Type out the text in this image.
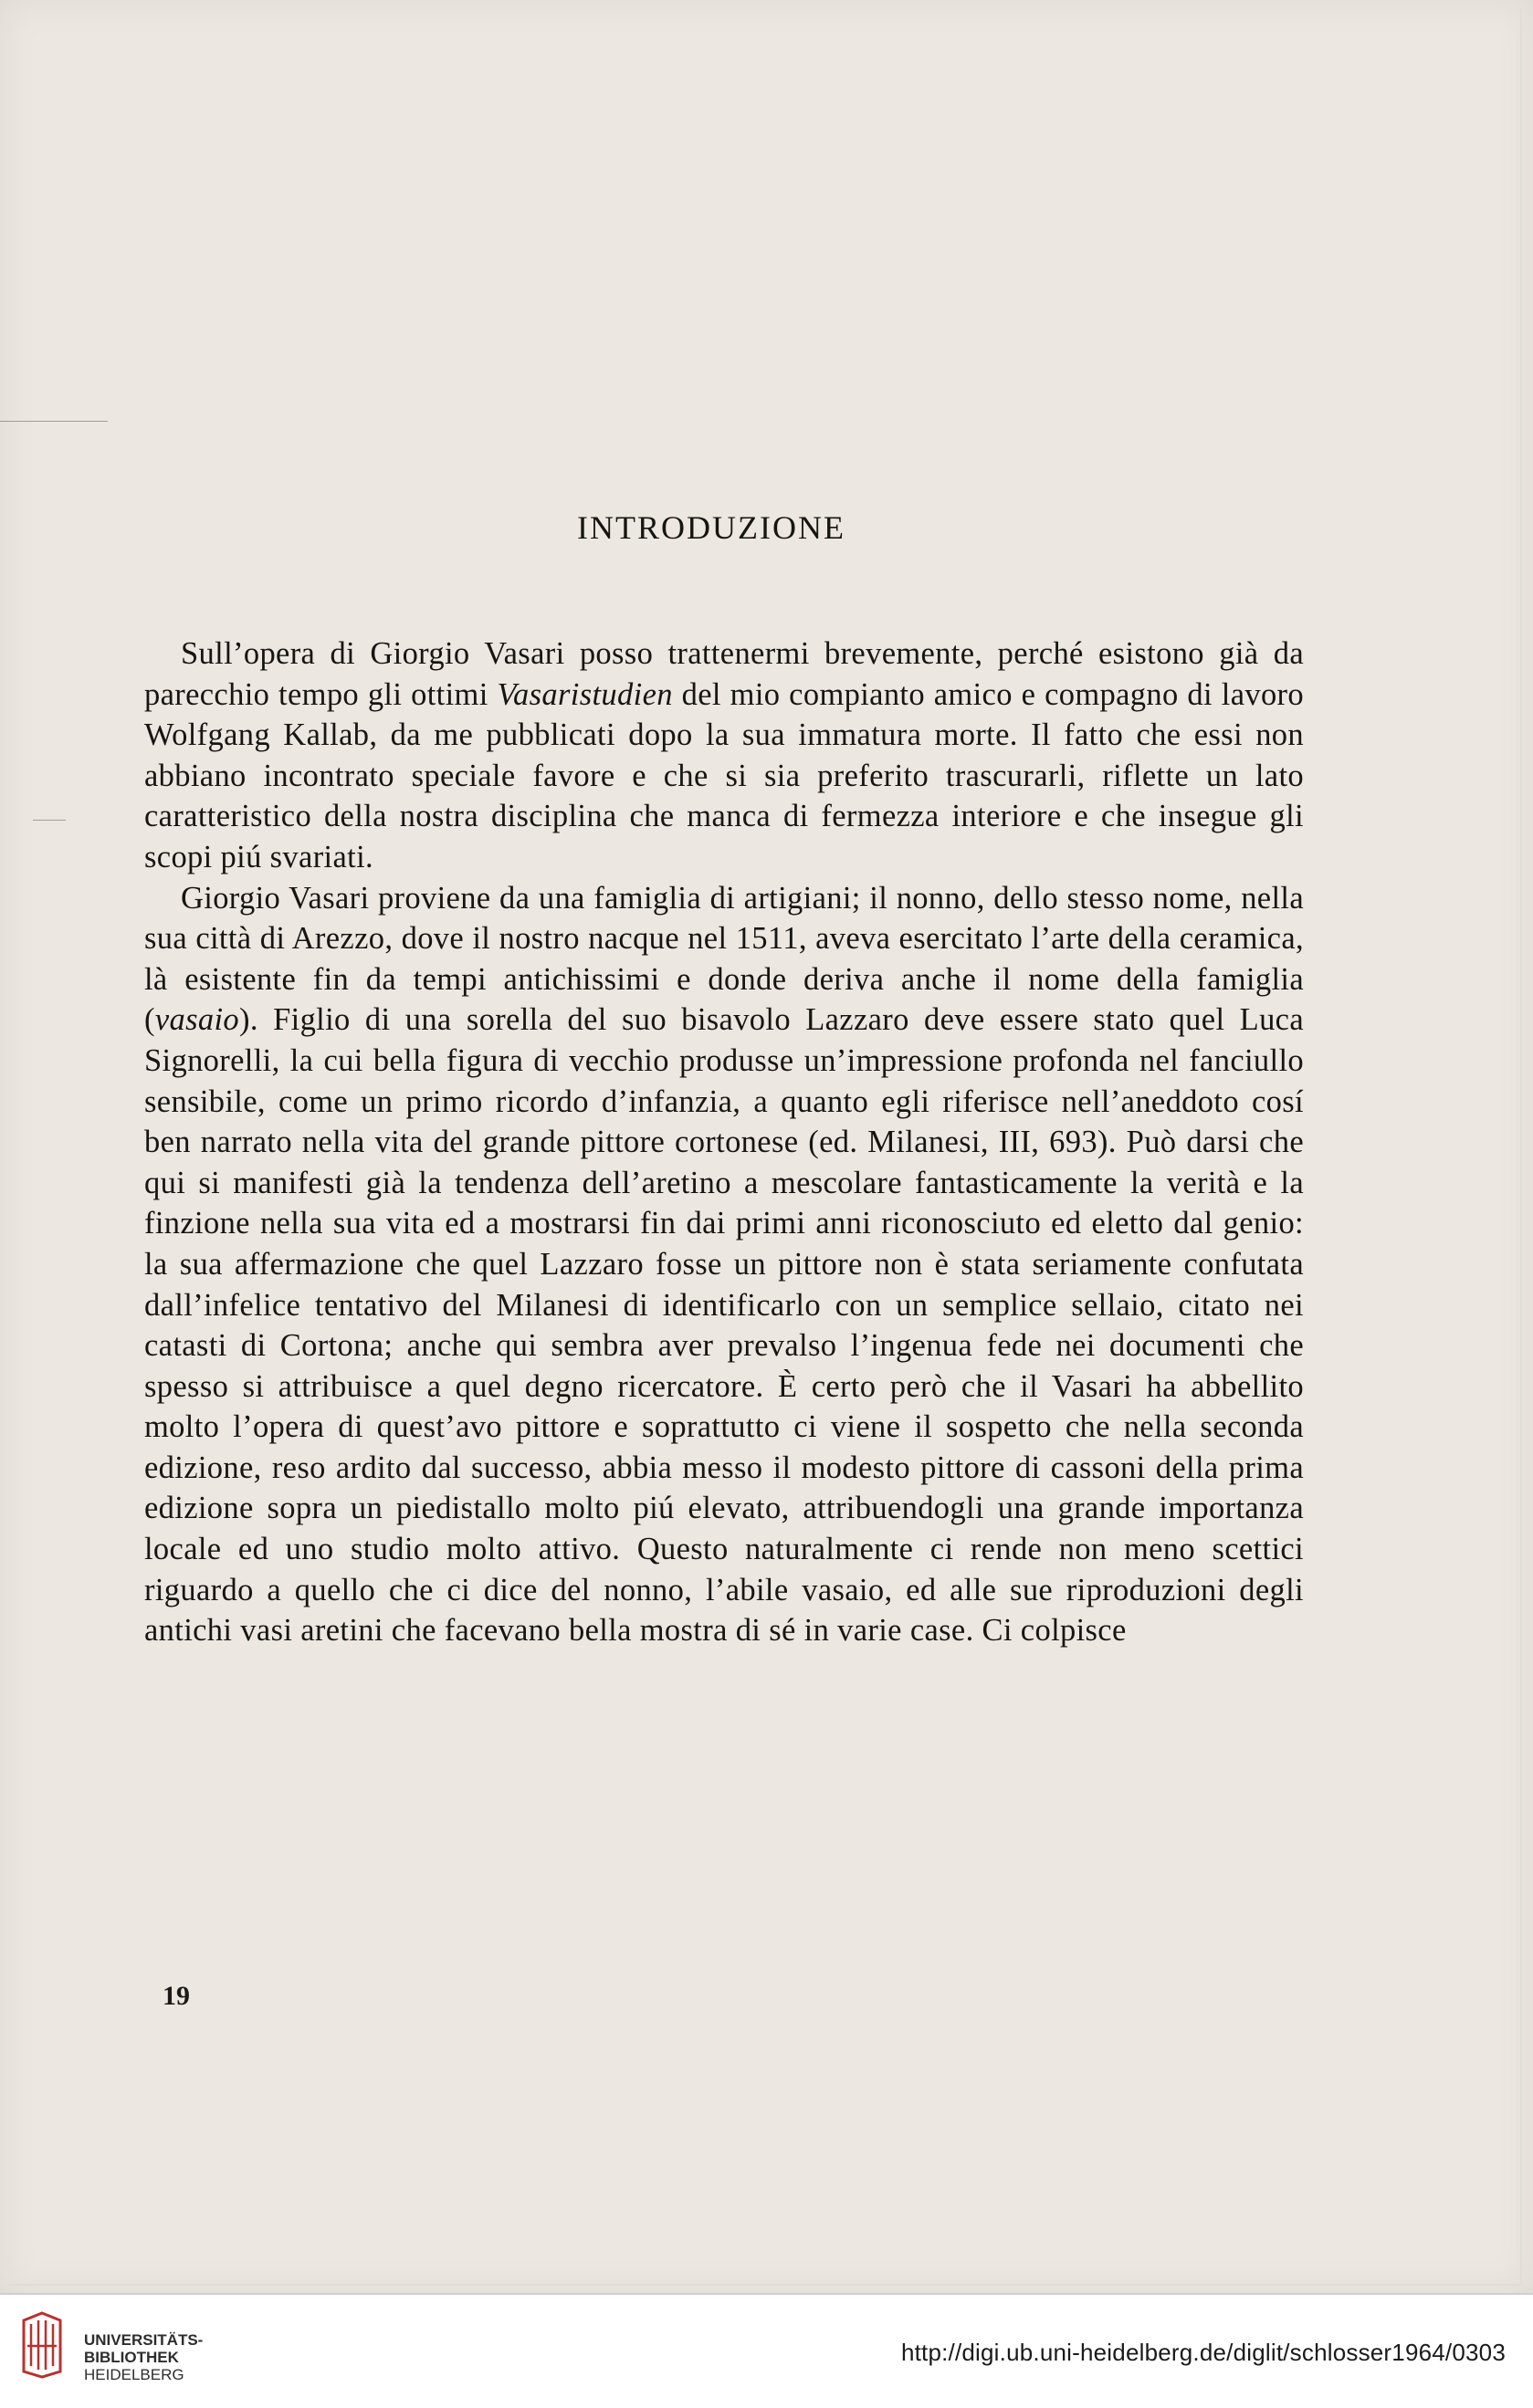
INTRODUZIONE

Sull’opera di Giorgio Vasari posso trattenermi brevemente, perché esistono già da parecchio tempo gli ottimi Vasaristudien del mio compianto amico e compagno di lavoro Wolfgang Kallab, da me pubblicati dopo la sua immatura morte. Il fatto che essi non abbiano incontrato speciale favore e che si sia preferito trascurarli, riflette un lato caratteristico della nostra disciplina che manca di fermezza interiore e che insegue gli scopi piú svariati.

Giorgio Vasari proviene da una famiglia di artigiani; il nonno, dello stesso nome, nella sua città di Arezzo, dove il nostro nacque nel 1511, aveva esercitato l’arte della ceramica, là esistente fin da tempi antichissimi e donde deriva anche il nome della famiglia (vasaio). Figlio di una sorella del suo bisavolo Lazzaro deve essere stato quel Luca Signorelli, la cui bella figura di vecchio produsse un’impressione profonda nel fanciullo sensibile, come un primo ricordo d’infanzia, a quanto egli riferisce nell’aneddoto cosí ben narrato nella vita del grande pittore cortonese (ed. Milanesi, III, 693). Può darsi che qui si manifesti già la tendenza dell’aretino a mescolare fantasticamente la verità e la finzione nella sua vita ed a mostrarsi fin dai primi anni riconosciuto ed eletto dal genio: la sua affermazione che quel Lazzaro fosse un pittore non è stata seriamente confutata dall’infelice tentativo del Milanesi di identificarlo con un semplice sellaio, citato nei catasti di Cortona; anche qui sembra aver prevalso l’ingenua fede nei documenti che spesso si attribuisce a quel degno ricercatore. È certo però che il Vasari ha abbellito molto l’opera di quest’avo pittore e soprattutto ci viene il sospetto che nella seconda edizione, reso ardito dal successo, abbia messo il modesto pittore di cassoni della prima edizione sopra un piedistallo molto piú elevato, attribuendogli una grande importanza locale ed uno studio molto attivo. Questo naturalmente ci rende non meno scettici riguardo a quello che ci dice del nonno, l’abile vasaio, ed alle sue riproduzioni degli antichi vasi aretini che facevano bella mostra di sé in varie case. Ci colpisce

19
UNIVERSITÄTS-
BIBLIOTHEK
HEIDELBERG
http://digi.ub.uni-heidelberg.de/diglit/schlosser1964/0303
